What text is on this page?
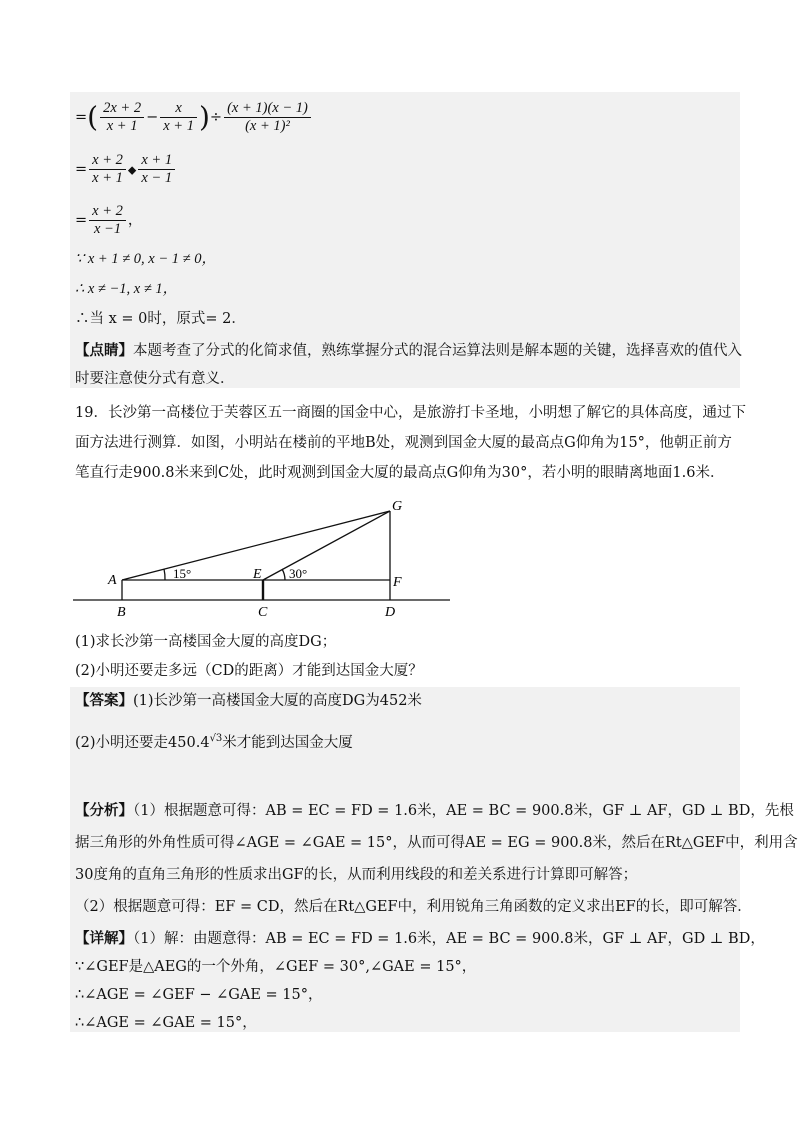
=( $\frac{2x + 2}{x + 1} - \frac{x}{x + 1}$ )÷ $\frac{(x + 1)(x - 1)}{\text{(x + 1)²}}$
= $\frac{x + 2}{x + 1}$ ◆ $\frac{x + 1}{x - 1}$
= $\frac{x + 2}{x -1}$ ，
∵ x + 1 ≠ 0, x − 1 ≠ 0，
∴ x ≠ −1, x ≠ 1，
∴当 x = 0时，原式= 2．
【点睛】本题考查了分式的化简求值，熟练掌握分式的混合运算法则是解本题的关键，选择喜欢的值代入
时要注意使分式有意义．
19．长沙第一高楼位于芙蓉区五一商圈的国金中心，是旅游打卡圣地，小明想了解它的具体高度，通过下
面方法进行测算．如图，小明站在楼前的平地B处，观测到国金大厦的最高点G仰角为15°，他朝正前方
笔直行走900.8米来到C处，此时观测到国金大厦的最高点G仰角为30°，若小明的眼睛离地面1.6米．
G
A	E
F
B	C	D
15°	30°
(1)求长沙第一高楼国金大厦的高度DG；
(2)小明还要走多远（CD的距离）才能到达国金大厦？
【答案】(1)长沙第一高楼国金大厦的高度DG为452米
(2)小明还要走$450.4^{√3}$米才能到达国金大厦
【分析】（1）根据题意可得：AB = EC = FD = 1.6米，AE = BC = 900.8米，GF ⊥ AF，GD ⊥ BD，先根
据三角形的外角性质可得∠AGE = ∠GAE = 15°，从而可得AE = EG = 900.8米，然后在Rt△GEF中，利用含
30度角的直角三角形的性质求出GF的长，从而利用线段的和差关系进行计算即可解答；
（2）根据题意可得：EF = CD，然后在Rt△GEF中，利用锐角三角函数的定义求出EF的长，即可解答．
【详解】（1）解：由题意得：AB = EC = FD = 1.6米，AE = BC = 900.8米，GF ⊥ AF，GD ⊥ BD，
∵∠GEF是△AEG的一个外角，∠GEF = 30°,∠GAE = 15°，
∴∠AGE = ∠GEF − ∠GAE = 15°，
∴∠AGE = ∠GAE = 15°，
